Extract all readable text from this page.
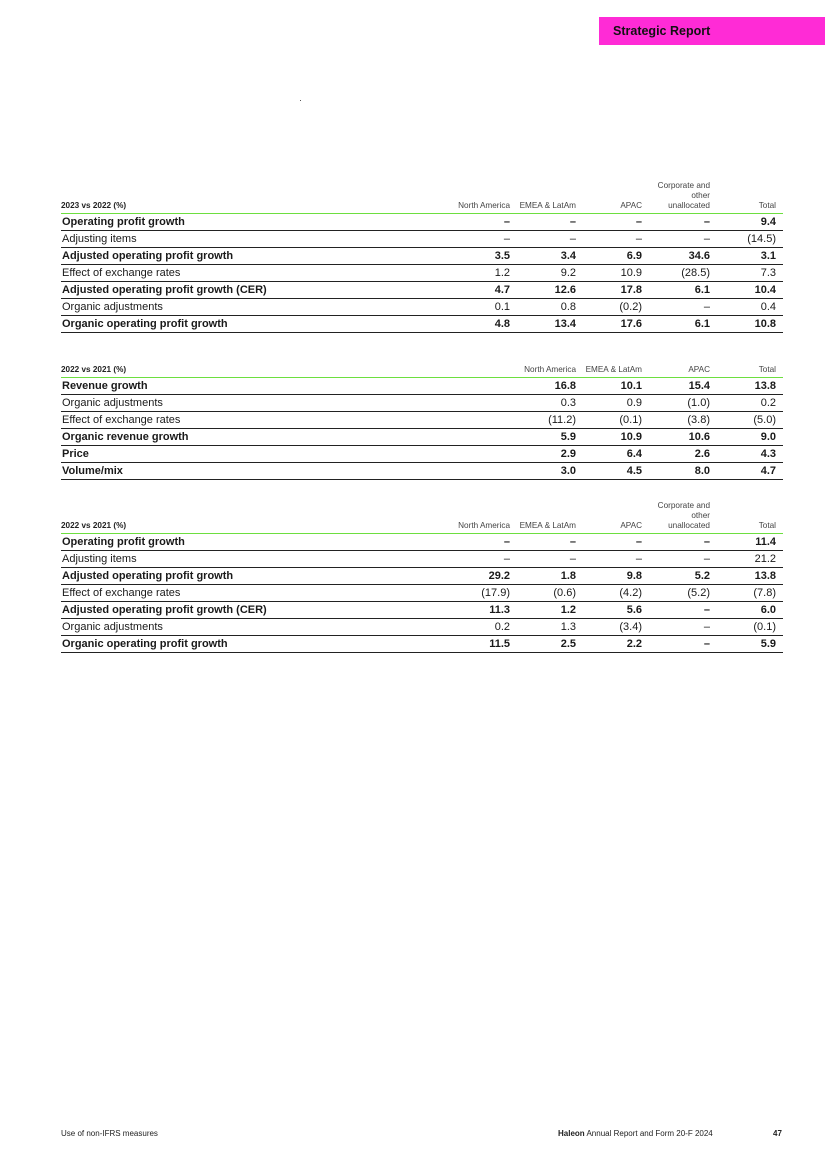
Strategic Report
2023 vs 2022 (%)	North America	EMEA & LatAm	APAC	Corporate and other unallocated	Total
Operating profit growth	–	–	–	–	9.4
Adjusting items	–	–	–	–	(14.5)
Adjusted operating profit growth	3.5	3.4	6.9	34.6	3.1
Effect of exchange rates	1.2	9.2	10.9	(28.5)	7.3
Adjusted operating profit growth (CER)	4.7	12.6	17.8	6.1	10.4
Organic adjustments	0.1	0.8	(0.2)	–	0.4
Organic operating profit growth	4.8	13.4	17.6	6.1	10.8
2022 vs 2021 (%)	North America	EMEA & LatAm	APAC	Total
Revenue growth	16.8	10.1	15.4	13.8
Organic adjustments	0.3	0.9	(1.0)	0.2
Effect of exchange rates	(11.2)	(0.1)	(3.8)	(5.0)
Organic revenue growth	5.9	10.9	10.6	9.0
Price	2.9	6.4	2.6	4.3
Volume/mix	3.0	4.5	8.0	4.7
2022 vs 2021 (%)	North America	EMEA & LatAm	APAC	Corporate and other unallocated	Total
Operating profit growth	–	–	–	–	11.4
Adjusting items	–	–	–	–	21.2
Adjusted operating profit growth	29.2	1.8	9.8	5.2	13.8
Effect of exchange rates	(17.9)	(0.6)	(4.2)	(5.2)	(7.8)
Adjusted operating profit growth (CER)	11.3	1.2	5.6	–	6.0
Organic adjustments	0.2	1.3	(3.4)	–	(0.1)
Organic operating profit growth	11.5	2.5	2.2	–	5.9
Use of non-IFRS measures	Haleon Annual Report and Form 20-F 2024	47
